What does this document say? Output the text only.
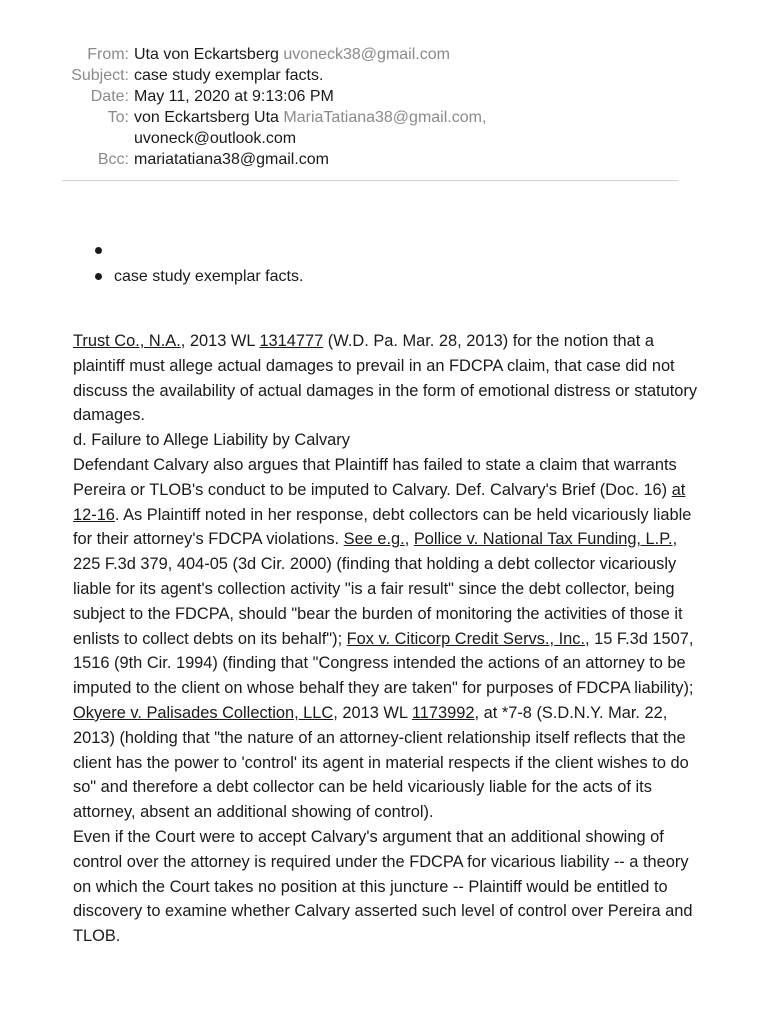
From: Uta von Eckartsberg uvoneck38@gmail.com
Subject: case study exemplar facts.
Date: May 11, 2020 at 9:13:06 PM
To: von Eckartsberg Uta MariaTatiana38@gmail.com,
uvoneck@outlook.com
Bcc: mariatatiana38@gmail.com
case study exemplar facts.

Trust Co., N.A., 2013 WL 1314777 (W.D. Pa. Mar. 28, 2013) for the notion that a plaintiff must allege actual damages to prevail in an FDCPA claim, that case did not discuss the availability of actual damages in the form of emotional distress or statutory damages.

d. Failure to Allege Liability by Calvary

Defendant Calvary also argues that Plaintiff has failed to state a claim that warrants Pereira or TLOB's conduct to be imputed to Calvary. Def. Calvary's Brief (Doc. 16) at 12-16. As Plaintiff noted in her response, debt collectors can be held vicariously liable for their attorney's FDCPA violations. See e.g., Pollice v. National Tax Funding, L.P., 225 F.3d 379, 404-05 (3d Cir. 2000) (finding that holding a debt collector vicariously liable for its agent's collection activity "is a fair result" since the debt collector, being subject to the FDCPA, should "bear the burden of monitoring the activities of those it enlists to collect debts on its behalf"); Fox v. Citicorp Credit Servs., Inc., 15 F.3d 1507, 1516 (9th Cir. 1994) (finding that "Congress intended the actions of an attorney to be imputed to the client on whose behalf they are taken" for purposes of FDCPA liability); Okyere v. Palisades Collection, LLC, 2013 WL 1173992, at *7-8 (S.D.N.Y. Mar. 22, 2013) (holding that "the nature of an attorney-client relationship itself reflects that the client has the power to 'control' its agent in material respects if the client wishes to do so" and therefore a debt collector can be held vicariously liable for the acts of its attorney, absent an additional showing of control).

Even if the Court were to accept Calvary's argument that an additional showing of control over the attorney is required under the FDCPA for vicarious liability -- a theory on which the Court takes no position at this juncture -- Plaintiff would be entitled to discovery to examine whether Calvary asserted such level of control over Pereira and TLOB.
